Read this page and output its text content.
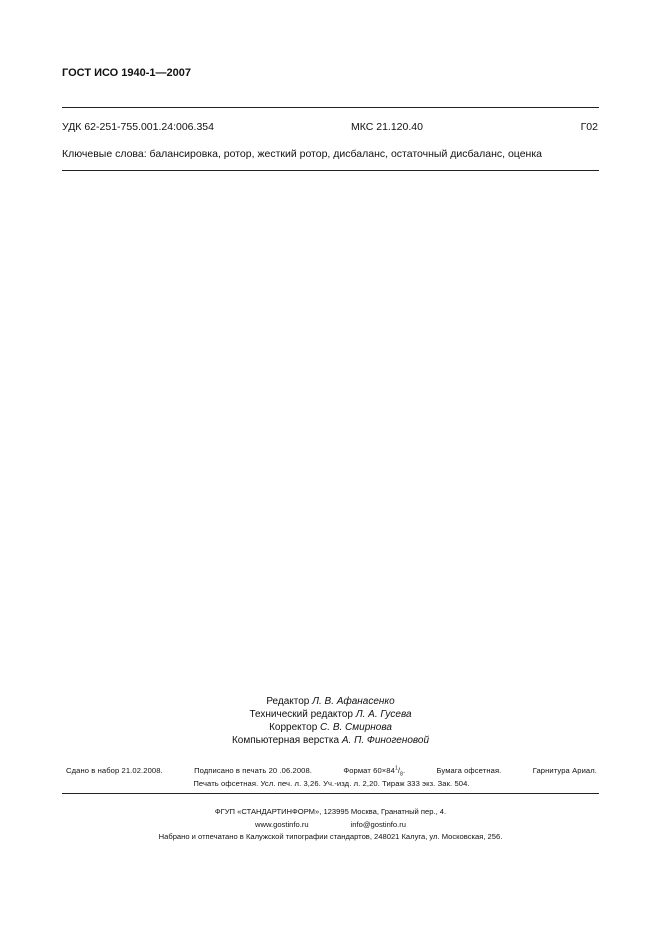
ГОСТ ИСО 1940-1—2007
УДК 62-251-755.001.24:006.354	МКС 21.120.40	Г02
Ключевые слова: балансировка, ротор, жесткий ротор, дисбаланс, остаточный дисбаланс, оценка
Редактор Л. В. Афанасенко
Технический редактор Л. А. Гусева
Корректор С. В. Смирнова
Компьютерная верстка А. П. Финогеновой
Сдано в набор 21.02.2008.	Подписано в печать 20 .06.2008.	Формат $60\times 84^1/_8$.	Бумага офсетная.	Гарнитура Ариал.
Печать офсетная. Усл. печ. л. 3,26. Уч.-изд. л. 2,20. Тираж 333 экз. Зак. 504.
ФГУП «СТАНДАРТИНФОРМ», 123995 Москва, Гранатный пер., 4.
www.gostinfo.ru	info@gostinfo.ru
Набрано и отпечатано в Калужской типографии стандартов, 248021 Калуга, ул. Московская, 256.
